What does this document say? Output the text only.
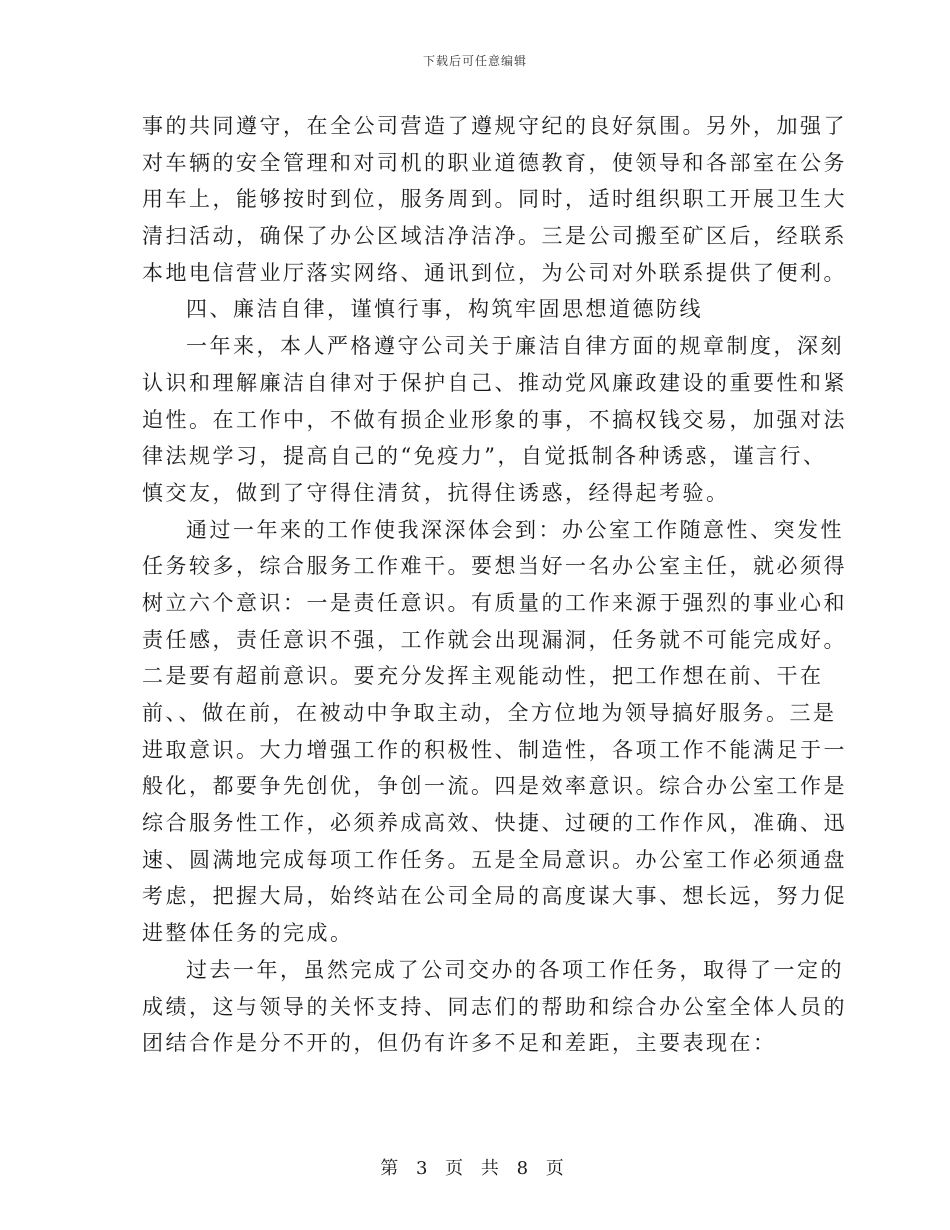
下载后可任意编辑
事的共同遵守，在全公司营造了遵规守纪的良好氛围。另外，加强了
对车辆的安全管理和对司机的职业道德教育，使领导和各部室在公务
用车上，能够按时到位，服务周到。同时，适时组织职工开展卫生大
清扫活动，确保了办公区域洁净洁净。三是公司搬至矿区后，经联系
本地电信营业厅落实网络、通讯到位，为公司对外联系提供了便利。
四、廉洁自律，谨慎行事，构筑牢固思想道德防线
一年来，本人严格遵守公司关于廉洁自律方面的规章制度，深刻
认识和理解廉洁自律对于保护自己、推动党风廉政建设的重要性和紧
迫性。在工作中，不做有损企业形象的事，不搞权钱交易，加强对法
律法规学习，提高自己的“免疫力”，自觉抵制各种诱惑，谨言行、
慎交友，做到了守得住清贫，抗得住诱惑，经得起考验。
通过一年来的工作使我深深体会到：办公室工作随意性、突发性
任务较多，综合服务工作难干。要想当好一名办公室主任，就必须得
树立六个意识：一是责任意识。有质量的工作来源于强烈的事业心和
责任感，责任意识不强，工作就会出现漏洞，任务就不可能完成好。
二是要有超前意识。要充分发挥主观能动性，把工作想在前、干在
前、、做在前，在被动中争取主动，全方位地为领导搞好服务。三是
进取意识。大力增强工作的积极性、制造性，各项工作不能满足于一
般化，都要争先创优，争创一流。四是效率意识。综合办公室工作是
综合服务性工作，必须养成高效、快捷、过硬的工作作风，准确、迅
速、圆满地完成每项工作任务。五是全局意识。办公室工作必须通盘
考虑，把握大局，始终站在公司全局的高度谋大事、想长远，努力促
进整体任务的完成。
过去一年，虽然完成了公司交办的各项工作任务，取得了一定的
成绩，这与领导的关怀支持、同志们的帮助和综合办公室全体人员的
团结合作是分不开的，但仍有许多不足和差距，主要表现在：
第 3 页 共 8 页
